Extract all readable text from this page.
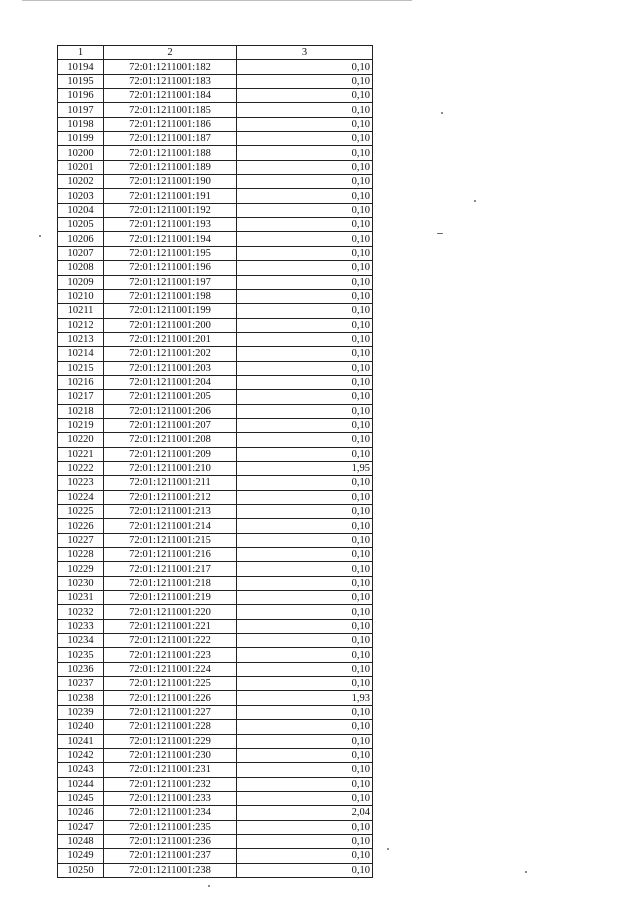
1	2	3
10194	72:01:1211001:182	0,10
10195	72:01:1211001:183	0,10
10196	72:01:1211001:184	0,10
10197	72:01:1211001:185	0,10
10198	72:01:1211001:186	0,10
10199	72:01:1211001:187	0,10
10200	72:01:1211001:188	0,10
10201	72:01:1211001:189	0,10
10202	72:01:1211001:190	0,10
10203	72:01:1211001:191	0,10
10204	72:01:1211001:192	0,10
10205	72:01:1211001:193	0,10
10206	72:01:1211001:194	0,10
10207	72:01:1211001:195	0,10
10208	72:01:1211001:196	0,10
10209	72:01:1211001:197	0,10
10210	72:01:1211001:198	0,10
10211	72:01:1211001:199	0,10
10212	72:01:1211001:200	0,10
10213	72:01:1211001:201	0,10
10214	72:01:1211001:202	0,10
10215	72:01:1211001:203	0,10
10216	72:01:1211001:204	0,10
10217	72:01:1211001:205	0,10
10218	72:01:1211001:206	0,10
10219	72:01:1211001:207	0,10
10220	72:01:1211001:208	0,10
10221	72:01:1211001:209	0,10
10222	72:01:1211001:210	1,95
10223	72:01:1211001:211	0,10
10224	72:01:1211001:212	0,10
10225	72:01:1211001:213	0,10
10226	72:01:1211001:214	0,10
10227	72:01:1211001:215	0,10
10228	72:01:1211001:216	0,10
10229	72:01:1211001:217	0,10
10230	72:01:1211001:218	0,10
10231	72:01:1211001:219	0,10
10232	72:01:1211001:220	0,10
10233	72:01:1211001:221	0,10
10234	72:01:1211001:222	0,10
10235	72:01:1211001:223	0,10
10236	72:01:1211001:224	0,10
10237	72:01:1211001:225	0,10
10238	72:01:1211001:226	1,93
10239	72:01:1211001:227	0,10
10240	72:01:1211001:228	0,10
10241	72:01:1211001:229	0,10
10242	72:01:1211001:230	0,10
10243	72:01:1211001:231	0,10
10244	72:01:1211001:232	0,10
10245	72:01:1211001:233	0,10
10246	72:01:1211001:234	2,04
10247	72:01:1211001:235	0,10
10248	72:01:1211001:236	0,10
10249	72:01:1211001:237	0,10
10250	72:01:1211001:238	0,10
